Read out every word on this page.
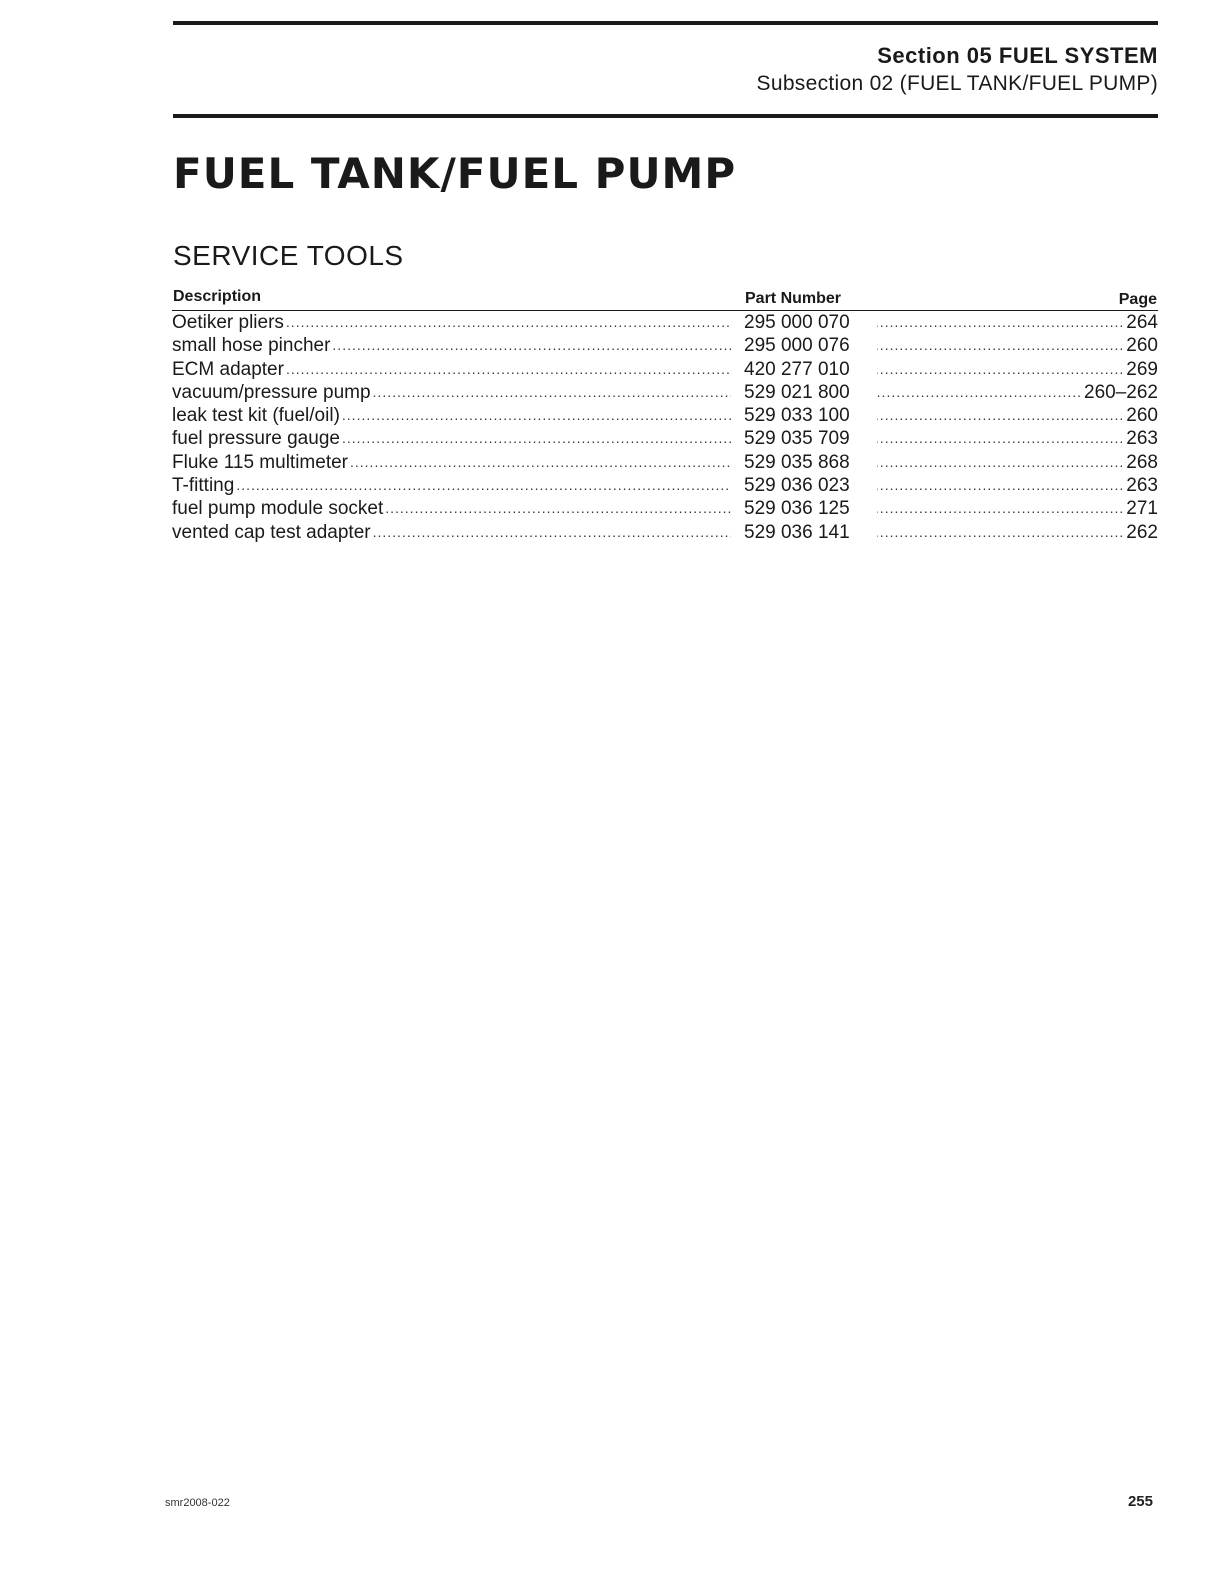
Section 05 FUEL SYSTEM
Subsection 02 (FUEL TANK/FUEL PUMP)
FUEL TANK/FUEL PUMP
SERVICE TOOLS
Description	Part Number	Page
Oetiker pliers .....	295 000 070 .....	264
small hose pincher .....	295 000 076 .....	260
ECM adapter .....	420 277 010 .....	269
vacuum/pressure pump .....	529 021 800 .....	260–262
leak test kit (fuel/oil) .....	529 033 100 .....	260
fuel pressure gauge .....	529 035 709 .....	263
Fluke 115 multimeter .....	529 035 868 .....	268
T-fitting .....	529 036 023 .....	263
fuel pump module socket .....	529 036 125 .....	271
vented cap test adapter .....	529 036 141 .....	262
smr2008-022	255
